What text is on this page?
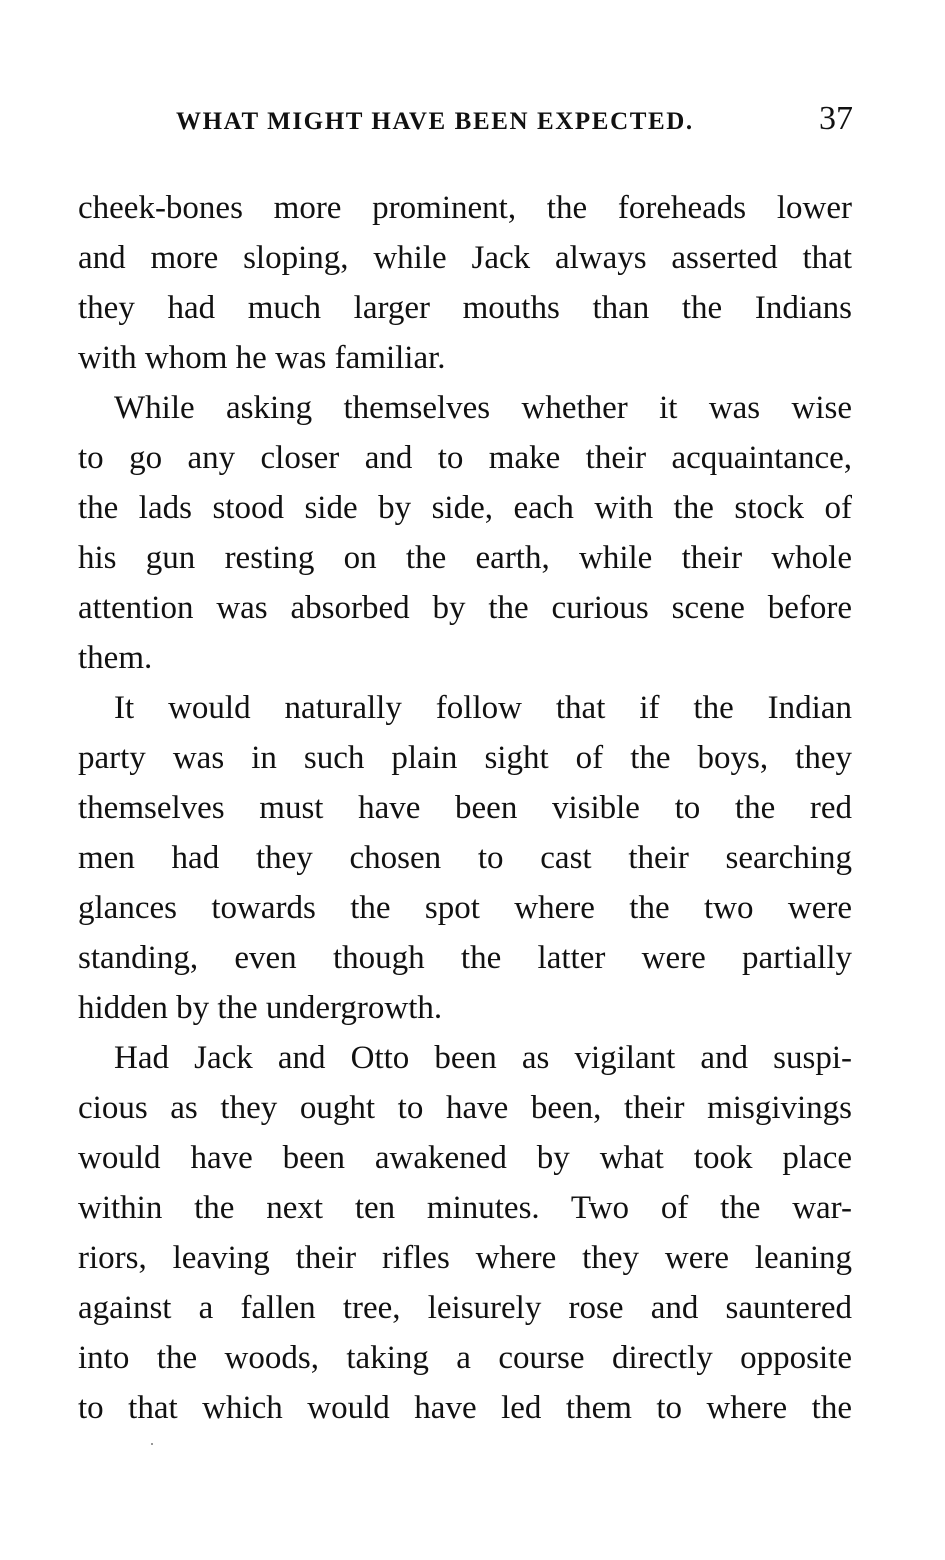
WHAT MIGHT HAVE BEEN EXPECTED.	37
cheek-bones more prominent, the foreheads lower
and more sloping, while Jack always asserted that
they had much larger mouths than the Indians
with whom he was familiar.
While asking themselves whether it was wise
to go any closer and to make their acquaintance,
the lads stood side by side, each with the stock of
his gun resting on the earth, while their whole
attention was absorbed by the curious scene before
them.
It would naturally follow that if the Indian
party was in such plain sight of the boys, they
themselves must have been visible to the red
men had they chosen to cast their searching
glances towards the spot where the two were
standing, even though the latter were partially
hidden by the undergrowth.
Had Jack and Otto been as vigilant and suspi-
cious as they ought to have been, their misgivings
would have been awakened by what took place
within the next ten minutes. Two of the war-
riors, leaving their rifles where they were leaning
against a fallen tree, leisurely rose and sauntered
into the woods, taking a course directly opposite
to that which would have led them to where the
